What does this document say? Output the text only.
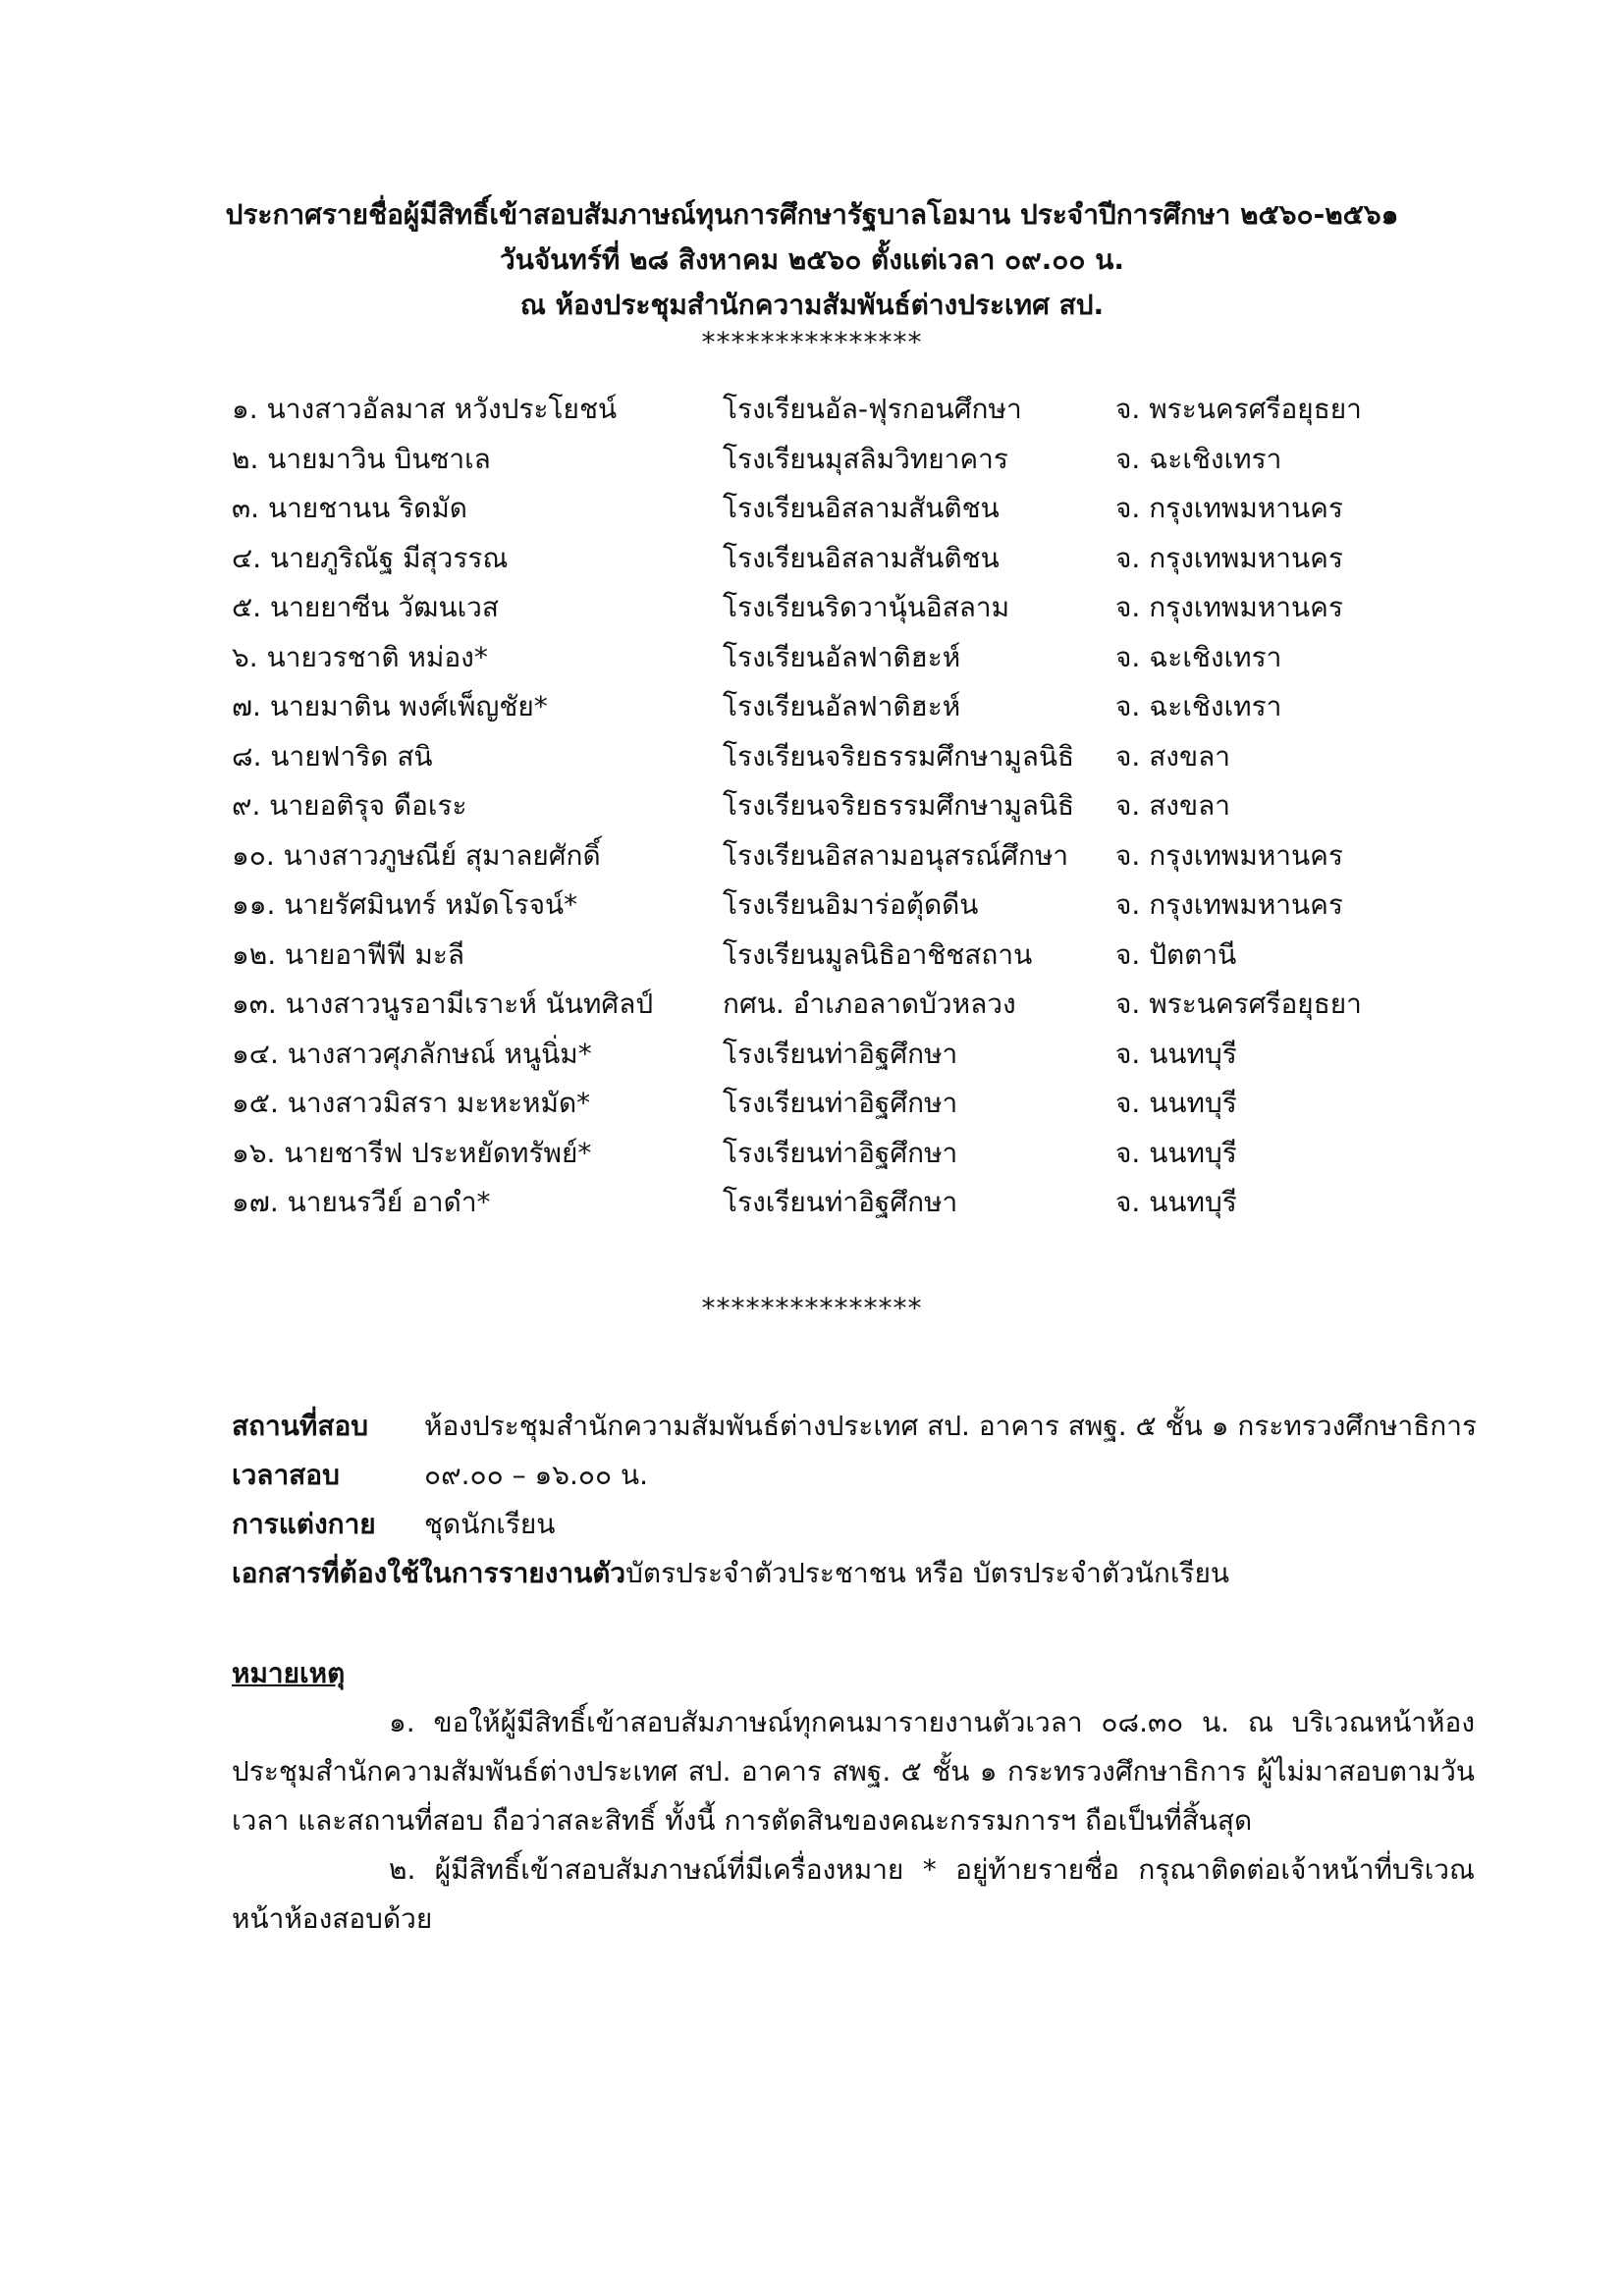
ประกาศรายชื่อผู้มีสิทธิ์เข้าสอบสัมภาษณ์ทุนการศึกษารัฐบาลโอมาน ประจำปีการศึกษา ๒๕๖๐-๒๕๖๑
วันจันทร์ที่ ๒๘ สิงหาคม ๒๕๖๐ ตั้งแต่เวลา ๐๙.๐๐ น.
ณ ห้องประชุมสำนักความสัมพันธ์ต่างประเทศ สป.
***************
๑. นางสาวอัลมาส หวังประโยชน์	โรงเรียนอัล-ฟุรกอนศึกษา	จ. พระนครศรีอยุธยา
๒. นายมาวิน บินซาเล	โรงเรียนมุสลิมวิทยาคาร	จ. ฉะเชิงเทรา
๓. นายชานน ริดมัด	โรงเรียนอิสลามสันติชน	จ. กรุงเทพมหานคร
๔. นายภูริณัฐ มีสุวรรณ	โรงเรียนอิสลามสันติชน	จ. กรุงเทพมหานคร
๕. นายยาซีน วัฒนเวส	โรงเรียนริดวานุ้นอิสลาม	จ. กรุงเทพมหานคร
๖. นายวรชาติ หม่อง*	โรงเรียนอัลฟาติฮะห์	จ. ฉะเชิงเทรา
๗. นายมาติน พงศ์เพ็ญชัย*	โรงเรียนอัลฟาติฮะห์	จ. ฉะเชิงเทรา
๘. นายฟาริด สนิ	โรงเรียนจริยธรรมศึกษามูลนิธิ จ. สงขลา
๙. นายอติรุจ ดือเระ	โรงเรียนจริยธรรมศึกษามูลนิธิ จ. สงขลา
๑๐. นางสาวภูษณีย์ สุมาลยศักดิ์	โรงเรียนอิสลามอนุสรณ์ศึกษา จ. กรุงเทพมหานคร
๑๑. นายรัศมินทร์ หมัดโรจน์*	โรงเรียนอิมาร่อตุ้ดดีน	จ. กรุงเทพมหานคร
๑๒. นายอาฟีฟี มะลี	โรงเรียนมูลนิธิอาชิชสถาน	จ. ปัตตานี
๑๓. นางสาวนูรอามีเราะห์ นันทศิลป์	กศน. อำเภอลาดบัวหลวง	จ. พระนครศรีอยุธยา
๑๔. นางสาวศุภลักษณ์ หนูนิ่ม*	โรงเรียนท่าอิฐศึกษา	จ. นนทบุรี
๑๕. นางสาวมิสรา มะหะหมัด*	โรงเรียนท่าอิฐศึกษา	จ. นนทบุรี
๑๖. นายชารีฟ ประหยัดทรัพย์*	โรงเรียนท่าอิฐศึกษา	จ. นนทบุรี
๑๗. นายนรวีย์ อาดำ*	โรงเรียนท่าอิฐศึกษา	จ. นนทบุรี
***************
สถานที่สอบ ห้องประชุมสำนักความสัมพันธ์ต่างประเทศ สป. อาคาร สพฐ. ๕ ชั้น ๑ กระทรวงศึกษาธิการ
เวลาสอบ	๐๙.๐๐ – ๑๖.๐๐ น.
การแต่งกาย ชุดนักเรียน
เอกสารที่ต้องใช้ในการรายงานตัวบัตรประจำตัวประชาชน หรือ บัตรประจำตัวนักเรียน
หมายเหตุ
๑. ขอให้ผู้มีสิทธิ์เข้าสอบสัมภาษณ์ทุกคนมารายงานตัวเวลา ๐๘.๓๐ น. ณ บริเวณหน้าห้องประชุมสำนักความสัมพันธ์ต่างประเทศ สป. อาคาร สพฐ. ๕ ชั้น ๑ กระทรวงศึกษาธิการ ผู้ไม่มาสอบตามวันเวลา และสถานที่สอบ ถือว่าสละสิทธิ์ ทั้งนี้ การตัดสินของคณะกรรมการฯ ถือเป็นที่สิ้นสุด
๒. ผู้มีสิทธิ์เข้าสอบสัมภาษณ์ที่มีเครื่องหมาย * อยู่ท้ายรายชื่อ กรุณาติดต่อเจ้าหน้าที่บริเวณหน้าห้องสอบด้วย
